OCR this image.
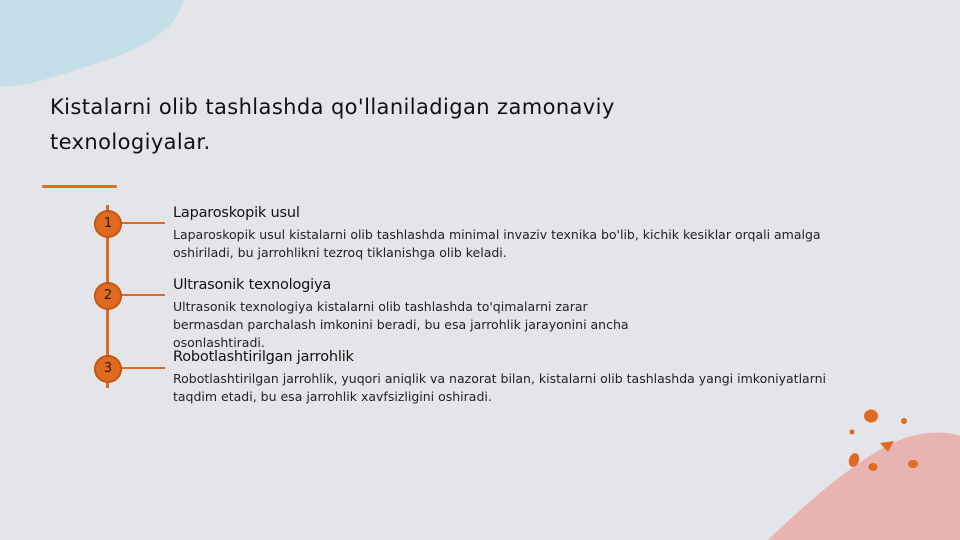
Kistalarni olib tashlashda qo'llaniladigan zamonaviy
texnologiyalar.
1
Laparoskopik usul

Laparoskopik usul kistalarni olib tashlashda minimal invaziv texnika bo'lib, kichik kesiklar orqali amalga
oshiriladi, bu jarrohlikni tezroq tiklanishga olib keladi.

2
Ultrasonik texnologiya

Ultrasonik texnologiya kistalarni olib tashlashda to'qimalarni zarar
bermasdan parchalash imkonini beradi, bu esa jarrohlik jarayonini ancha
osonlashtiradi.

3
Robotlashtirilgan jarrohlik

Robotlashtirilgan jarrohlik, yuqori aniqlik va nazorat bilan, kistalarni olib tashlashda yangi imkoniyatlarni
taqdim etadi, bu esa jarrohlik xavfsizligini oshiradi.
